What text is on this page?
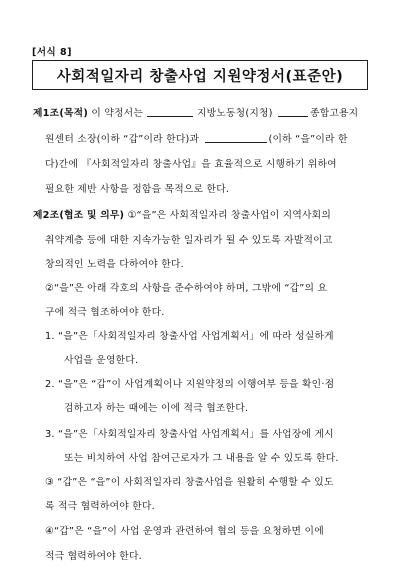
[서식 8]
사회적일자리 창출사업 지원약정서(표준안)
제1조(목적) 이 약정서는	지방노동청(지청)	종합고용지
원센터 소장(이하 “갑”이라 한다)과	(이하 “을”이라 한
다)간에 『사회적일자리 창출사업』을 효율적으로 시행하기 위하여
필요한 제반 사항을 정함을 목적으로 한다.
제2조(협조 및 의무) ①“을”은 사회적일자리 창출사업이 지역사회의
취약계층 등에 대한 지속가능한 일자리가 될 수 있도록 자발적이고
창의적인 노력을 다하여야 한다.
②“을”은 아래 각호의 사항을 준수하여야 하며, 그밖에 “갑”의 요
구에 적극 협조하여야 한다.
1. “을”은「사회적일자리 창출사업 사업계획서」에 따라 성실하게
사업을 운영한다.
2. “을”은 “갑”이 사업계획이나 지원약정의 이행여부 등을 확인·점
검하고자 하는 때에는 이에 적극 협조한다.
3. “을”은「사회적일자리 창출사업 사업계획서」를 사업장에 게시
또는 비치하여 사업 참여근로자가 그 내용을 알 수 있도록 한다.
③ “갑”은 “을”이 사회적일자리 창출사업을 원활히 수행할 수 있도
록 적극 협력하여야 한다.
④“갑”은 “을”이 사업 운영과 관련하여 협의 등을 요청하면 이에
적극 협력하여야 한다.
